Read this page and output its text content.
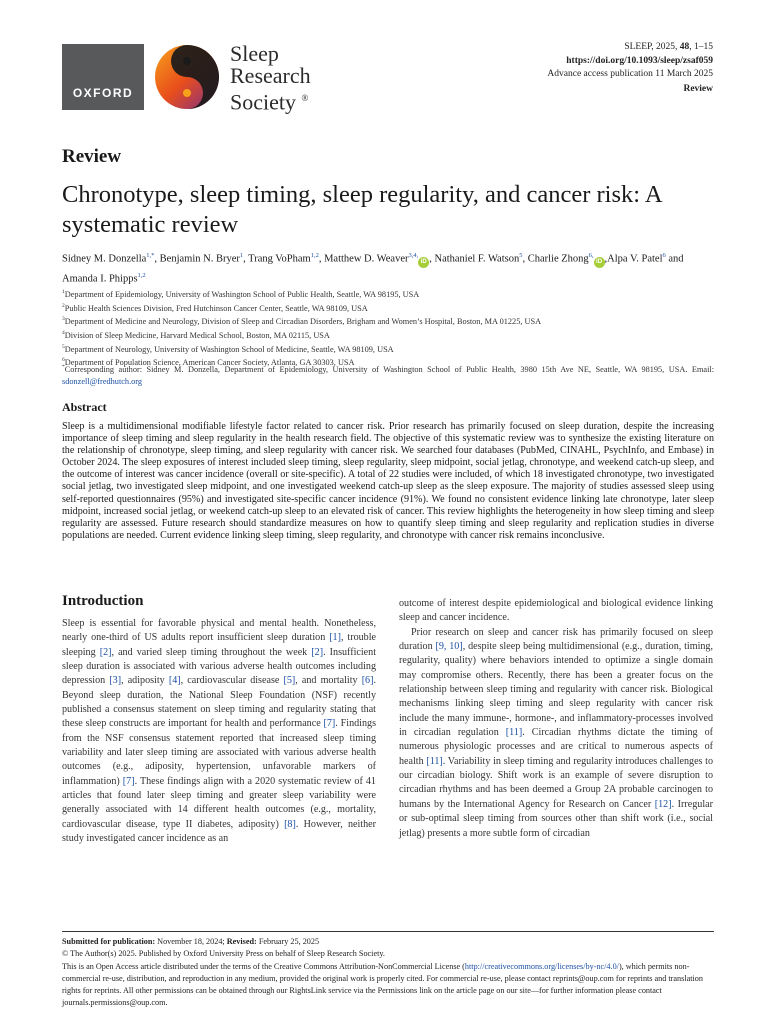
OXFORD
Sleep
Research
Society ®
SLEEP, 2025, 48, 1–15
https://doi.org/10.1093/sleep/zsaf059
Advance access publication 11 March 2025
Review
Review
Chronotype, sleep timing, sleep regularity, and cancer risk: A systematic review
Sidney M. Donzella$^{1,*}$, Benjamin N. Bryer$^1$, Trang VoPham$^{1,2}$, Matthew D. Weaver$^{3,4,}$iD , Nathaniel F. Watson$^5$, Charlie Zhong$^{6,}$iD ,Alpa V. Patel$^6$ and Amanda I. Phipps$^{1,2}$
$^1$Department of Epidemiology, University of Washington School of Public Health, Seattle, WA 98195, USA
$^2$Public Health Sciences Division, Fred Hutchinson Cancer Center, Seattle, WA 98109, USA
$^3$Department of Medicine and Neurology, Division of Sleep and Circadian Disorders, Brigham and Women’s Hospital, Boston, MA 01225, USA
$^4$Division of Sleep Medicine, Harvard Medical School, Boston, MA 02115, USA
$^5$Department of Neurology, University of Washington School of Medicine, Seattle, WA 98109, USA
$^6$Department of Population Science, American Cancer Society, Atlanta, GA 30303, USA
*Corresponding author: Sidney M. Donzella, Department of Epidemiology, University of Washington School of Public Health, 3980 15th Ave NE, Seattle, WA 98195, USA. Email: sdonzell@fredhutch.org
Abstract

Sleep is a multidimensional modifiable lifestyle factor related to cancer risk. Prior research has primarily focused on sleep duration, despite the increasing importance of sleep timing and sleep regularity in the health research field. The objective of this systematic review was to synthesize the existing literature on the relationship of chronotype, sleep timing, and sleep regularity with cancer risk. We searched four databases (PubMed, CINAHL, PsychInfo, and Embase) in October 2024. The sleep exposures of interest included sleep timing, sleep regularity, sleep midpoint, social jetlag, chronotype, and weekend catch-up sleep, and the outcome of interest was cancer incidence (overall or site-specific). A total of 22 studies were included, of which 18 investigated chronotype, two investigated social jetlag, two investigated sleep midpoint, and one investigated weekend catch-up sleep as the sleep exposure. The majority of studies assessed sleep using self-reported questionnaires (95%) and investigated site-specific cancer incidence (91%). We found no consistent evidence linking late chronotype, later sleep midpoint, increased social jetlag, or weekend catch-up sleep to an elevated risk of cancer. This review highlights the heterogeneity in how sleep timing and sleep regularity are assessed. Future research should standardize measures on how to quantify sleep timing and sleep regularity and replication studies in diverse populations are needed. Current evidence linking sleep timing, sleep regularity, and chronotype with cancer risk remains inconclusive.

Introduction

Sleep is essential for favorable physical and mental health. Nonetheless, nearly one-third of US adults report insufficient sleep duration [1], trouble sleeping [2], and varied sleep timing throughout the week [2]. Insufficient sleep duration is associated with various adverse health outcomes including depression [3], adiposity [4], cardiovascular disease [5], and mortality [6]. Beyond sleep duration, the National Sleep Foundation (NSF) recently published a consensus statement on sleep timing and regularity stating that these sleep constructs are important for health and performance [7]. Findings from the NSF consensus statement reported that increased sleep timing variability and later sleep timing are associated with various adverse health outcomes (e.g., adiposity, hypertension, unfavorable markers of inflammation) [7]. These findings align with a 2020 systematic review of 41 articles that found later sleep timing and greater sleep variability were generally associated with 14 different health outcomes (e.g., mortality, cardiovascular disease, type II diabetes, adiposity) [8]. However, neither study investigated cancer incidence as an

outcome of interest despite epidemiological and biological evidence linking sleep and cancer incidence.

Prior research on sleep and cancer risk has primarily focused on sleep duration [9, 10], despite sleep being multidimensional (e.g., duration, timing, regularity, quality) where behaviors intended to optimize a single domain may compromise others. Recently, there has been a greater focus on the relationship between sleep timing and regularity with cancer risk. Biological mechanisms linking sleep timing and sleep regularity with cancer risk include the many immune-, hormone-, and inflammatory-processes involved in circadian regulation [11]. Circadian rhythms dictate the timing of numerous physiologic processes and are critical to numerous aspects of health [11]. Variability in sleep timing and regularity introduces challenges to our circadian biology. Shift work is an example of severe disruption to circadian rhythms and has been deemed a Group 2A probable carcinogen to humans by the International Agency for Research on Cancer [12]. Irregular or sub-optimal sleep timing from sources other than shift work (i.e., social jetlag) presents a more subtle form of circadian

Submitted for publication: November 18, 2024; Revised: February 25, 2025
© The Author(s) 2025. Published by Oxford University Press on behalf of Sleep Research Society.
This is an Open Access article distributed under the terms of the Creative Commons Attribution-NonCommercial License (http://creativecommons.org/licenses/by-nc/4.0/), which permits non-commercial re-use, distribution, and reproduction in any medium, provided the original work is properly cited. For commercial re-use, please contact reprints@oup.com for reprints and translation rights for reprints. All other permissions can be obtained through our RightsLink service via the Permissions link on the article page on our site—for further information please contact journals.permissions@oup.com.
